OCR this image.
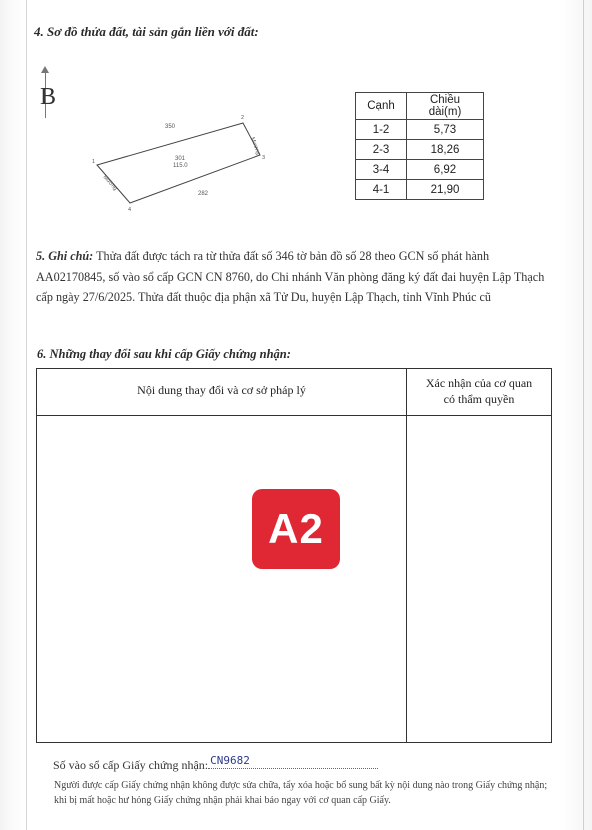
4. Sơ đồ thửa đất, tài sản gắn liền với đất:
B
350
301
115.0
282
Mương
Mương
1
2
3
4
Cạnh	Chiều dài(m)
1-2	5,73
2-3	18,26
3-4	6,92
4-1	21,90
5. Ghi chú: Thửa đất được tách ra từ thửa đất số 346 tờ bản đồ số 28 theo GCN số phát hành AA02170845, số vào sổ cấp GCN CN 8760, do Chi nhánh Văn phòng đăng ký đất đai huyện Lập Thạch cấp ngày 27/6/2025. Thửa đất thuộc địa phận xã Tử Du, huyện Lập Thạch, tỉnh Vĩnh Phúc cũ
6. Những thay đổi sau khi cấp Giấy chứng nhận:
Nội dung thay đổi và cơ sở pháp lý	Xác nhận của cơ quan
có thẩm quyền
A2
Số vào sổ cấp Giấy chứng nhận: CN9682
Người được cấp Giấy chứng nhận không được sửa chữa, tẩy xóa hoặc bổ sung bất kỳ nội dung nào trong Giấy chứng nhận; khi bị mất hoặc hư hỏng Giấy chứng nhận phải khai báo ngay với cơ quan cấp Giấy.
